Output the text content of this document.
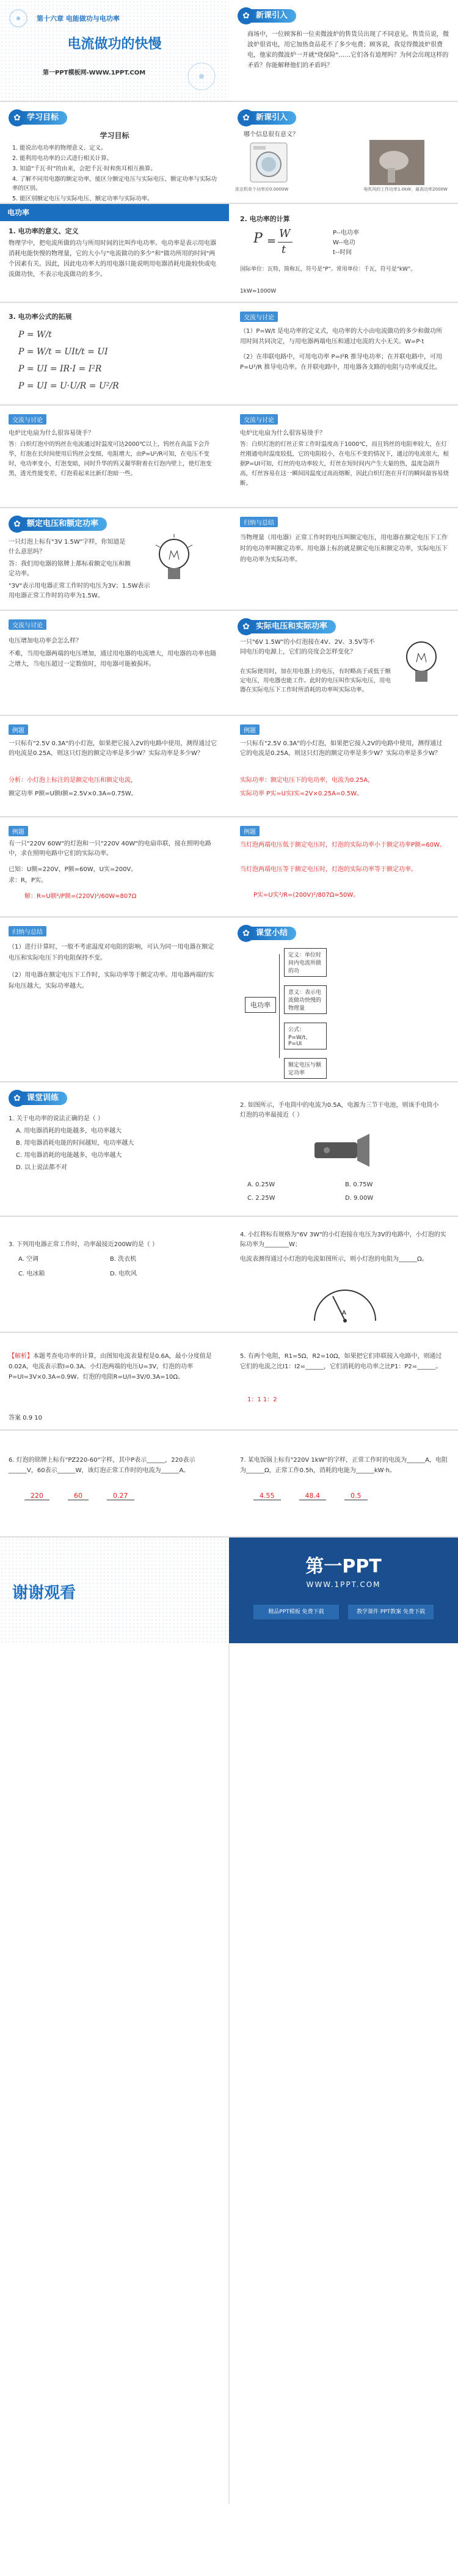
第十六章 电能做功与电功率
电流做功的快慢
第一PPT模板网-WWW.1PPT.COM
✿ 新课引入
商场中，一位顾客和一位卖微波炉的售货员出现了不同意见。售货员说，微波炉很省电，用它加热食品花不了多少电费；顾客说，我觉得微波炉很费电，他家的微波炉一开就"烧保险"……它们各有道理吗？为何会出现这样的矛盾？你能解释他们的矛盾吗？
✿ 学习目标
学习目标
1. 能说出电功率的物理意义、定义。
2. 能利用电功率的公式进行相关计算。
3. 知道"千瓦·时"的由来，会把千瓦·时和焦耳相互换算。
4. 了解不同用电器的额定功率，能区分额定电压与实际电压、额定功率与实际功率的区别。
5. 能区别额定电压与实际电压、额定功率与实际功率。
✿ 新课引入
哪个信息很有意义？
洗衣机单个功率应0.0000W	电吹风的工作功率1.0kW，最高功率2000W
电功率
1. 电功率的意义、定义
物理学中，把电流所做的功与所用时间的比叫作电功率。电功率是表示用电器消耗电能快慢的物理量，它的大小与"电流做功的多少"和"做功所用的时间"两个因素有关。因此，因此电功率大的用电器只能说明用电器消耗电能较快或电流做功快，不表示电流做功的多少。
2. 电功率的计算
P =
W
t
P--电功率
W--电功
t--时间
国际单位：瓦特，简称瓦，符号是"P"。常用单位：千瓦，符号是"kW"。
1kW=1000W
3. 电功率公式的拓展
P = W/t
P = W/t = UIt/t = UI
P = UI = IR·I = I²R
P = UI = U·U/R = U²/R
交流与讨论
（1）P=W/t 是电功率的定义式，电功率的大小由电流做功的多少和做功所用时间共同决定，与用电器两端电压和通过电流的大小无关。W=P·t
（2）在串联电路中，可用电功率 P=I²R 推导电功率；在并联电路中，可用 P=U²/R 推导电功率。在并联电路中，用电器各支路的电阻与功率成反比。
交流与讨论
电炉比电扇为什么很容易烫手？
答：白炽灯泡中的钨丝在电流通过时温度可达2000℃以上，钨丝在高温下会升华，灯泡在长时间使用后钨丝会变细，电阻增大，由P=U²/R可知，在电压不变时，电功率变小，灯泡变暗，同时升华的钨又凝华附着在灯泡内壁上，使灯泡变黑，透光性能变差，灯泡看起来比新灯泡暗一些。
交流与讨论
电炉比电扇为什么很容易烫手？
答：白炽灯泡的灯丝正常工作时温度高于1000℃，而且钨丝的电阻率较大，在灯丝刚通电时温度较低，它的电阻较小，在电压不变的情况下，通过的电流很大，根据P=UI可知，灯丝的电功率较大，灯丝在短时间内产生大量的热，温度急剧升高，灯丝容易在这一瞬间因温度过高而熔断，因此白炽灯泡在开灯的瞬间最容易烧断。
✿ 额定电压和额定功率
一只灯泡上标有"3V 1.5W"字样，你知道是什么意思吗？
答：我们用电器的铭牌上都标着额定电压和额定功率。
"3V"表示用电器正常工作时的电压为3V；1.5W表示用电器正常工作时的功率为1.5W。
归纳与总结
当物理量（用电器）正常工作时的电压叫额定电压，用电器在额定电压下工作时的电功率叫额定功率。用电器上标的就是额定电压和额定功率，实际电压下的电功率为实际功率。
交流与讨论
电压增加电功率会怎么样？
不难，当用电器两端的电压增加，通过用电器的电流增大，用电器的功率也随之增大，当电压超过一定数值时，用电器可能被损坏。
✿ 实际电压和实际功率
一只"6V 1.5W"的小灯泡接在4V、2V、3.5V等不同电压的电源上，它们的亮度会怎样变化？
在实际使用时，加在用电器上的电压，有时略高于或低于额定电压，用电器也能工作。此时的电压叫作实际电压，用电器在实际电压下工作时所消耗的功率叫实际功率。
例题
一只标有"2.5V 0.3A"的小灯泡，如果把它接入2V的电路中使用，测得通过它的电流是0.25A，则这只灯泡的额定功率是多少W？实际功率是多少W？
分析：小灯泡上标注的是额定电压和额定电流，
额定功率 P额=U额I额=2.5V×0.3A=0.75W。
例题
一只标有"2.5V 0.3A"的小灯泡，如果把它接入2V的电路中使用，测得通过它的电流是0.25A，则这只灯泡的额定功率是多少W？实际功率是多少W？
实际功率：额定电压下的电功率，电流为0.25A，
实际功率 P实=U实I实=2V×0.25A=0.5W。
例题
有一只"220V 60W"的灯泡和一只"220V 40W"的电扇串联，接在照明电路中，求在照明电路中它们的实际功率。
已知：U额=220V，P额=60W，U实=200V。
求：R，P实。
解：R=U额²/P额=(220V)²/60W≈807Ω
例题
当灯泡两端电压低于额定电压时，灯泡的实际功率小于额定功率P额=60W。
当灯泡两端电压等于额定电压时，灯泡的实际功率等于额定功率。
P实=U实²/R=(200V)²/807Ω≈50W。
归纳与总结
（1）进行计算时，一般不考虑温度对电阻的影响，可认为同一用电器在额定电压和实际电压下的电阻保持不变。
（2）用电器在额定电压下工作时，实际功率等于额定功率。用电器两端的实际电压越大，实际功率越大。
✿ 课堂小结
电功率
定义：单位时间内电流所做的功意义：表示电流做功快慢的物理量公式：P=W/t、P=UI额定电压与额定功率
✿ 课堂训练
1. 关于电功率的说法正确的是（ ）
A. 用电器消耗的电能越多，电功率越大
B. 用电器消耗电能的时间越短，电功率越大
C. 用电器消耗的电能越多，电功率越大
D. 以上说法都不对
2. 如图所示，手电筒中的电流为0.5A，电源为三节干电池，则该手电筒小灯泡的功率最接近（ ）
A. 0.25W	B. 0.75W
C. 2.25W	D. 9.00W
3. 下列用电器正常工作时，功率最接近200W的是（ ）
A. 空调	B. 洗衣机
C. 电冰箱	D. 电吹风
4. 小红将标有规格为"6V 3W"的小灯泡接在电压为3V的电路中，小灯泡的实际功率为________W；
电流表测得通过小灯泡的电流如图所示，则小灯泡的电阻为______Ω。
A
【解析】本题考查电功率的计算，由图知电流表量程是0.6A，最小分度值是0.02A，电流表示数I=0.3A。小灯泡两端的电压U=3V，灯泡的功率P=UI=3V×0.3A=0.9W。灯泡的电阻R=U/I=3V/0.3A=10Ω。
答案 0.9 10
5. 有两个电阻，R1=5Ω，R2=10Ω，如果把它们串联接入电路中，则通过它们的电流之比I1：I2=______，它们消耗的电功率之比P1：P2=______。
1：1 1：2
6. 灯泡的铭牌上标有"PZ220-60"字样，其中P表示______，220表示______V，60表示______W，该灯泡正常工作时的电流为______A。
220	60	0.27
7. 某电饭锅上标有"220V 1kW"的字样，正常工作时的电流为______A，电阻为______Ω，正常工作0.5h，消耗的电能为______kW·h。
4.55	48.4	0.5
谢谢观看
第一PPT
WWW.1PPT.COM
精品PPT模板 免费下载	教学课件 PPT教案 免费下载
